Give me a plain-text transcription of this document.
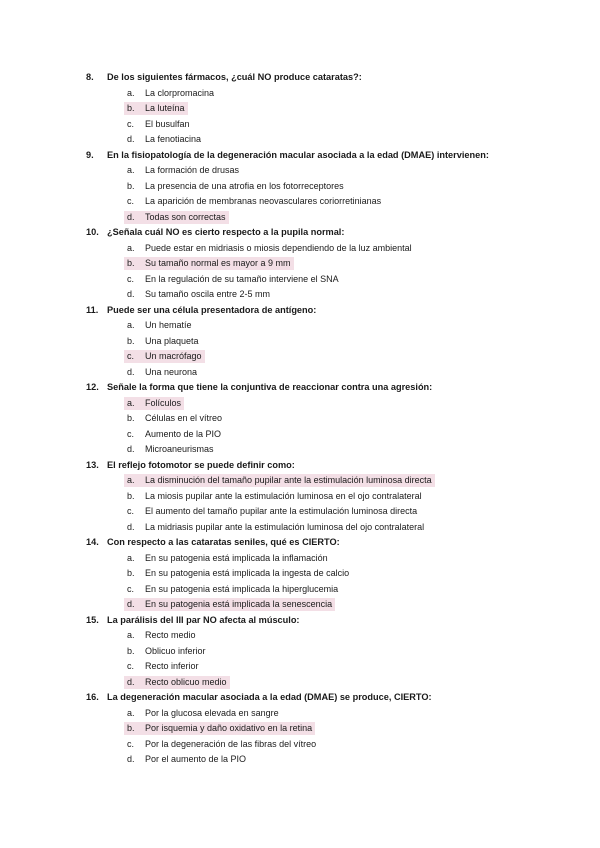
8.	De los siguientes fármacos, ¿cuál NO produce cataratas?:
a.	La clorpromacina
b.	La luteína
c.	El busulfan
d.	La fenotiacina
9.	En la fisiopatología de la degeneración macular asociada a la edad (DMAE) intervienen:
a.	La formación de drusas
b.	La presencia de una atrofia en los fotorreceptores
c.	La aparición de membranas neovasculares coriorretinianas
d.	Todas son correctas
10. ¿Señala cuál NO es cierto respecto a la pupila normal:
a.	Puede estar en midriasis o miosis dependiendo de la luz ambiental
b.	Su tamaño normal es mayor a 9 mm
c.	En la regulación de su tamaño interviene el SNA
d.	Su tamaño oscila entre 2-5 mm
11. Puede ser una célula presentadora de antígeno:
a.	Un hematíe
b.	Una plaqueta
c.	Un macrófago
d.	Una neurona
12. Señale la forma que tiene la conjuntiva de reaccionar contra una agresión:
a.	Folículos
b.	Células en el vítreo
c.	Aumento de la PIO
d.	Microaneurismas
13. El reflejo fotomotor se puede definir como:
a.	La disminución del tamaño pupilar ante la estimulación luminosa directa
b.	La miosis pupilar ante la estimulación luminosa en el ojo contralateral
c.	El aumento del tamaño pupilar ante la estimulación luminosa directa
d.	La midriasis pupilar ante la estimulación luminosa del ojo contralateral
14. Con respecto a las cataratas seniles, qué es CIERTO:
a.	En su patogenia está implicada la inflamación
b.	En su patogenia está implicada la ingesta de calcio
c.	En su patogenia está implicada la hiperglucemia
d.	En su patogenia está implicada la senescencia
15. La parálisis del III par NO afecta al músculo:
a.	Recto medio
b.	Oblicuo inferior
c.	Recto inferior
d.	Recto oblicuo medio
16. La degeneración macular asociada a la edad (DMAE) se produce, CIERTO:
a.	Por la glucosa elevada en sangre
b.	Por isquemia y daño oxidativo en la retina
c.	Por la degeneración de las fibras del vítreo
d.	Por el aumento de la PIO
